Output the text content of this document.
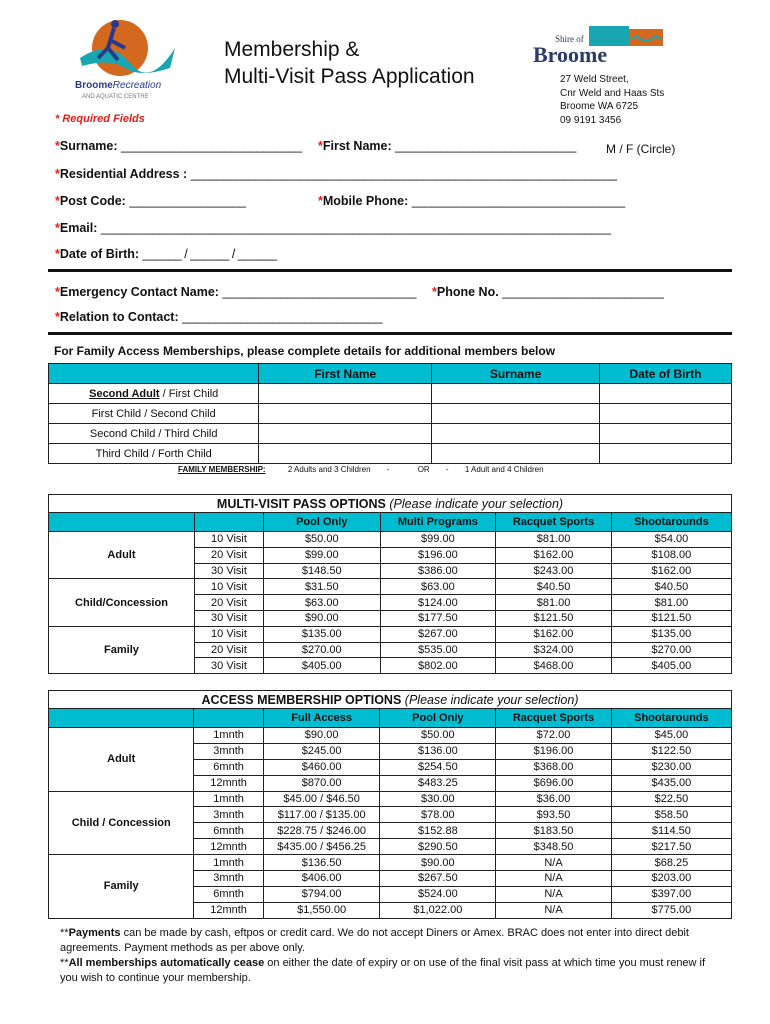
BroomeRecreation
AND AQUATIC CENTRE
Membership &
Multi-Visit Pass Application
Shire of
Broome
27 Weld Street,
Cnr Weld and Haas Sts
Broome WA 6725
09 9191 3456
* Required Fields
*Surname: ____________________________ *First Name: ____________________________	M / F (Circle)
*Residential Address : __________________________________________________________________
*Post Code: __________________	*Mobile Phone: _________________________________
*Email: _______________________________________________________________________________
*Date of Birth: ______ / ______ / ______
*Emergency Contact Name: ______________________________ *Phone No. _________________________
*Relation to Contact: _______________________________
For Family Access Memberships, please complete details for additional members below
	First Name	Surname	Date of Birth
Second Adult / First Child			
First Child / Second Child			
Second Child / Third Child			
Third Child / Forth Child			
FAMILY MEMBERSHIP:	2 Adults and 3 Children -	OR - 1 Adult and 4 Children
MULTI-VISIT PASS OPTIONS (Please indicate your selection)					
		Pool Only	Multi Programs	Racquet Sports	Shootarounds
Adult	10 Visit	$50.00	$99.00	$81.00	$54.00
	20 Visit	$99.00	$196.00	$162.00	$108.00
	30 Visit	$148.50	$386.00	$243.00	$162.00
Child/Concession	10 Visit	$31.50	$63.00	$40.50	$40.50
	20 Visit	$63.00	$124.00	$81.00	$81.00
	30 Visit	$90.00	$177.50	$121.50	$121.50
Family	10 Visit	$135.00	$267.00	$162.00	$135.00
	20 Visit	$270.00	$535.00	$324.00	$270.00
	30 Visit	$405.00	$802.00	$468.00	$405.00
ACCESS MEMBERSHIP OPTIONS (Please indicate your selection)					
		Full Access	Pool Only	Racquet Sports	Shootarounds
Adult	1mnth	$90.00	$50.00	$72.00	$45.00
	3mnth	$245.00	$136.00	$196.00	$122.50
	6mnth	$460.00	$254.50	$368.00	$230.00
	12mnth	$870.00	$483.25	$696.00	$435.00
Child / Concession	1mnth	$45.00 / $46.50	$30.00	$36.00	$22.50
	3mnth	$117.00 / $135.00	$78.00	$93.50	$58.50
	6mnth	$228.75 / $246.00	$152.88	$183.50	$114.50
	12mnth	$435.00 / $456.25	$290.50	$348.50	$217.50
Family	1mnth	$136.50	$90.00	N/A	$68.25
	3mnth	$406.00	$267.50	N/A	$203.00
	6mnth	$794.00	$524.00	N/A	$397.00
	12mnth	$1,550.00	$1,022.00	N/A	$775.00
**Payments can be made by cash, eftpos or credit card. We do not accept Diners or Amex. BRAC does not enter into direct debit agreements. Payment methods as per above only.
**All memberships automatically cease on either the date of expiry or on use of the final visit pass at which time you must renew if you wish to continue your membership.
